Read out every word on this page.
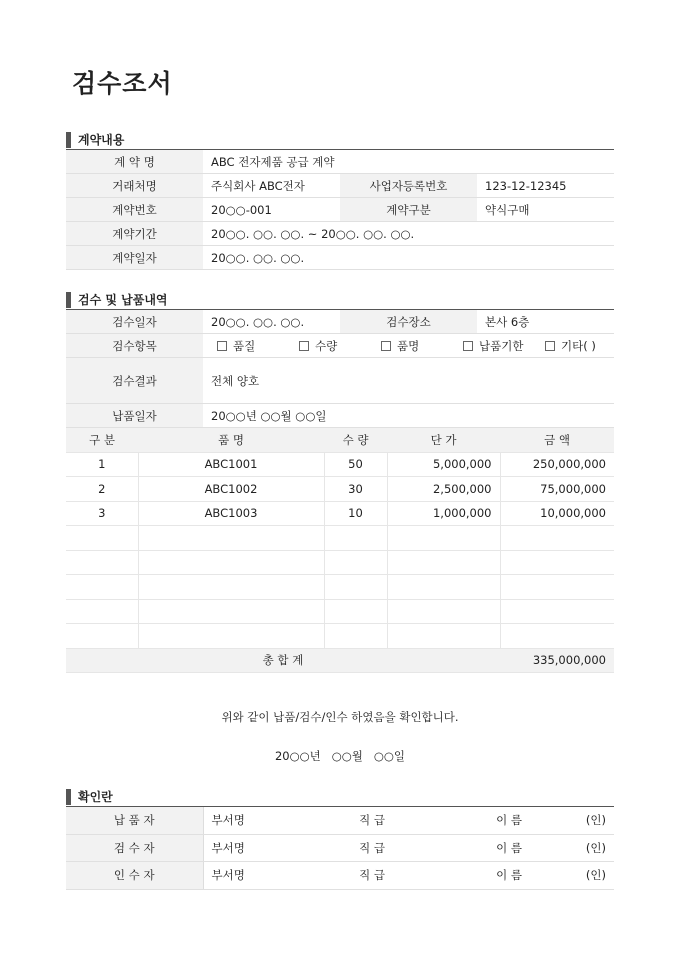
검수조서
계약내용
계 약 명	ABC 전자제품 공급 계약		
거래처명	주식회사 ABC전자	사업자등록번호	123-12-12345
계약번호	20○○-001	계약구분	약식구매
계약기간	20○○. ○○. ○○. ~ 20○○. ○○. ○○.		
계약일자	20○○. ○○. ○○.		
검수 및 납품내역
검수일자	20○○. ○○. ○○.	검수장소	본사 6층
검수항목	품질 수량 품명 납품기한 기타( )		
검수결과	전체 양호		
납품일자	20○○년 ○○월 ○○일		
구 분	품 명	수 량	단 가	금 액
1	ABC1001	50	5,000,000	250,000,000
2	ABC1002	30	2,500,000	75,000,000
3	ABC1003	10	1,000,000	10,000,000

총 합 계				335,000,000
위와 같이 납품/검수/인수 하였음을 확인합니다.
20○○년   ○○월   ○○일
확인란
납 품 자	부서명		직 급		이 름	(인)
검 수 자	부서명		직 급		이 름	(인)
인 수 자	부서명		직 급		이 름	(인)
